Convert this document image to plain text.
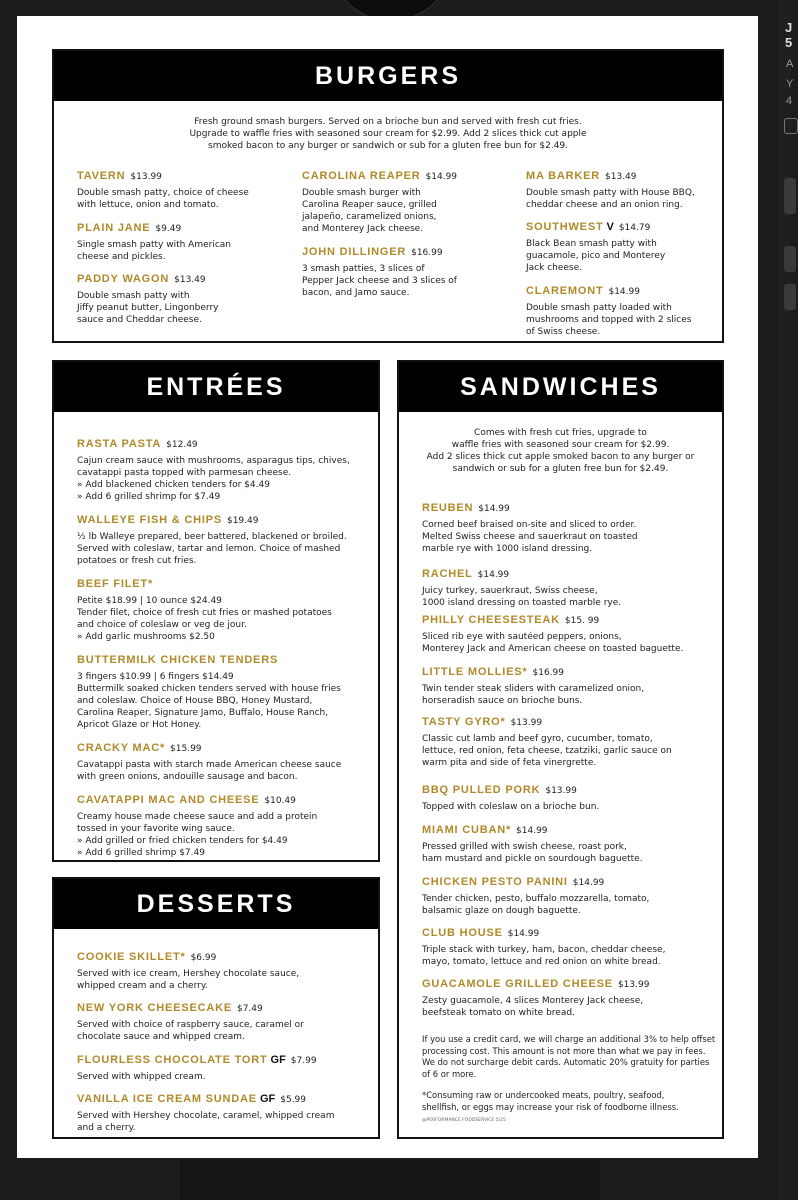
J
5
A
Y
4
BURGERS
Fresh ground smash burgers. Served on a brioche bun and served with fresh cut fries.
Upgrade to waffle fries with seasoned sour cream for $2.99. Add 2 slices thick cut apple
smoked bacon to any burger or sandwich or sub for a gluten free bun for $2.49.
TAVERN $13.99
Double smash patty, choice of cheese
with lettuce, onion and tomato.
PLAIN JANE $9.49
Single smash patty with American
cheese and pickles.
PADDY WAGON $13.49
Double smash patty with
Jiffy peanut butter, Lingonberry
sauce and Cheddar cheese.
CAROLINA REAPER $14.99
Double smash burger with
Carolina Reaper sauce, grilled
jalapeño, caramelized onions,
and Monterey Jack cheese.
JOHN DILLINGER $16.99
3 smash patties, 3 slices of
Pepper Jack cheese and 3 slices of
bacon, and Jamo sauce.
MA BARKER $13.49
Double smash patty with House BBQ,
cheddar cheese and an onion ring.
SOUTHWEST V $14.79
Black Bean smash patty with
guacamole, pico and Monterey
Jack cheese.
CLAREMONT $14.99
Double smash patty loaded with
mushrooms and topped with 2 slices
of Swiss cheese.
ENTRÉES
RASTA PASTA $12.49
Cajun cream sauce with mushrooms, asparagus tips, chives,
cavatappi pasta topped with parmesan cheese.
» Add blackened chicken tenders for $4.49
» Add 6 grilled shrimp for $7.49
WALLEYE FISH & CHIPS $19.49
½ lb Walleye prepared, beer battered, blackened or broiled.
Served with coleslaw, tartar and lemon. Choice of mashed
potatoes or fresh cut fries.
BEEF FILET*
Petite $18.99 | 10 ounce $24.49
Tender filet, choice of fresh cut fries or mashed potatoes
and choice of coleslaw or veg de jour.
» Add garlic mushrooms $2.50
BUTTERMILK CHICKEN TENDERS
3 fingers $10.99 | 6 fingers $14.49
Buttermilk soaked chicken tenders served with house fries
and coleslaw. Choice of House BBQ, Honey Mustard,
Carolina Reaper, Signature Jamo, Buffalo, House Ranch,
Apricot Glaze or Hot Honey.
CRACKY MAC* $15.99
Cavatappi pasta with starch made American cheese sauce
with green onions, andouille sausage and bacon.
CAVATAPPI MAC AND CHEESE $10.49
Creamy house made cheese sauce and add a protein
tossed in your favorite wing sauce.
» Add grilled or fried chicken tenders for $4.49
» Add 6 grilled shrimp $7.49
DESSERTS
COOKIE SKILLET* $6.99
Served with ice cream, Hershey chocolate sauce,
whipped cream and a cherry.
NEW YORK CHEESECAKE $7.49
Served with choice of raspberry sauce, caramel or
chocolate sauce and whipped cream.
FLOURLESS CHOCOLATE TORT GF $7.99
Served with whipped cream.
VANILLA ICE CREAM SUNDAE GF $5.99
Served with Hershey chocolate, caramel, whipped cream
and a cherry.
SANDWICHES
Comes with fresh cut fries, upgrade to
waffle fries with seasoned sour cream for $2.99.
Add 2 slices thick cut apple smoked bacon to any burger or
sandwich or sub for a gluten free bun for $2.49.
REUBEN $14.99
Corned beef braised on-site and sliced to order.
Melted Swiss cheese and sauerkraut on toasted
marble rye with 1000 island dressing.
RACHEL $14.99
Juicy turkey, sauerkraut, Swiss cheese,
1000 island dressing on toasted marble rye.
PHILLY CHEESESTEAK $15. 99
Sliced rib eye with sautéed peppers, onions,
Monterey Jack and American cheese on toasted baguette.
LITTLE MOLLIES* $16.99
Twin tender steak sliders with caramelized onion,
horseradish sauce on brioche buns.
TASTY GYRO* $13.99
Classic cut lamb and beef gyro, cucumber, tomato,
lettuce, red onion, feta cheese, tzatziki, garlic sauce on
warm pita and side of feta vinergrette.
BBQ PULLED PORK $13.99
Topped with coleslaw on a brioche bun.
MIAMI CUBAN* $14.99
Pressed grilled with swish cheese, roast pork,
ham mustard and pickle on sourdough baguette.
CHICKEN PESTO PANINI $14.99
Tender chicken, pesto, buffalo mozzarella, tomato,
balsamic glaze on dough baguette.
CLUB HOUSE $14.99
Triple stack with turkey, ham, bacon, cheddar cheese,
mayo, tomato, lettuce and red onion on white bread.
GUACAMOLE GRILLED CHEESE $13.99
Zesty guacamole, 4 slices Monterey Jack cheese,
beefsteak tomato on white bread.
If you use a credit card, we will charge an additional 3% to help offset
processing cost. This amount is not more than what we pay in fees.
We do not surcharge debit cards. Automatic 20% gratuity for parties
of 6 or more.
*Consuming raw or undercooked meats, poultry, seafood,
shellfish, or eggs may increase your risk of foodborne illness.
@PERFORMANCE FOODSERVICE 5/25
